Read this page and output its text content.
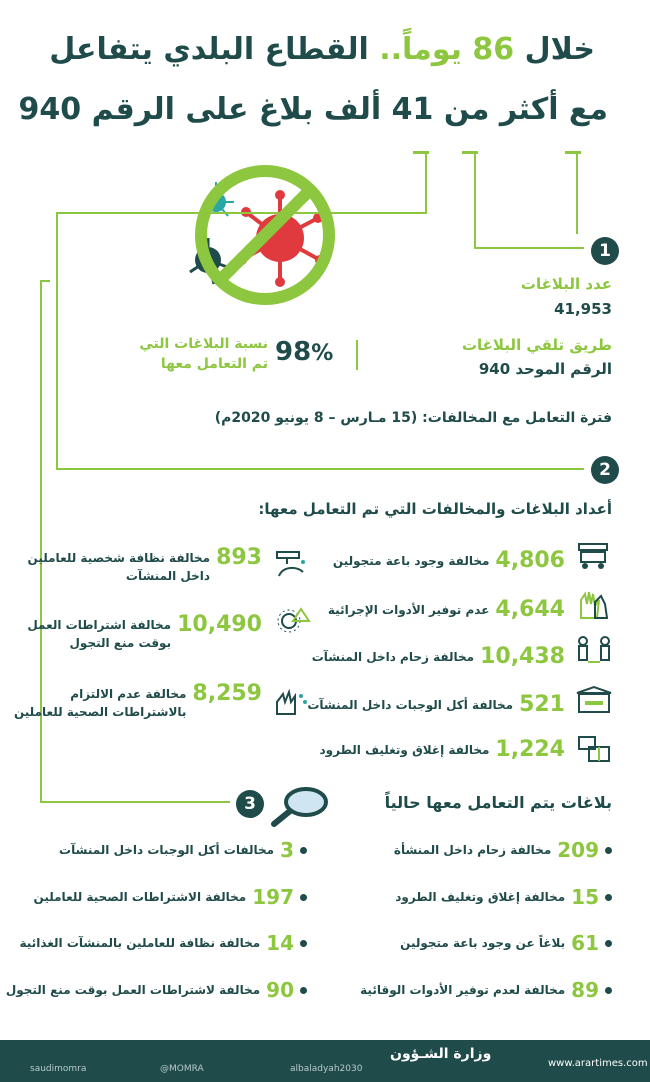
خلال 86 يوماً.. القطاع البلدي يتفاعل
مع أكثر من 41 ألف بلاغ على الرقم 940
1
عدد البلاغات
41,953
طريق تلقي البلاغات
الرقم الموحد 940
98%
نسبة البلاغات التي
تم التعامل معها
فترة التعامل مع المخالفات: (15 مـارس – 8 يونيو 2020م)
2
أعداد البلاغات والمخالفات التي تم التعامل معها:
4,806
مخالفة وجود باعة متجولين
4,644
عدم توفير الأدوات الإجرائية
10,438
مخالفة زحام داخل المنشآت
521
مخالفة أكل الوجبات داخل المنشآت
1,224
مخالفة إغلاق وتغليف الطرود
893
مخالفة نظافة شخصية للعاملين
داخل المنشآت
10,490
مخالفة اشتراطات العمل
بوقت منع التجول
8,259
مخالفة عدم الالتزام
بالاشتراطات الصحية للعاملين
3	بلاغات يتم التعامل معها حالياً
209
مخالفة زحام داخل المنشأة
15
مخالفة إغلاق وتغليف الطرود
61
بلاغاً عن وجود باعة متجولين
89
مخالفة لعدم توفير الأدوات الوقائية
3
مخالفات أكل الوجبات داخل المنشآت
197
مخالفة الاشتراطات الصحية للعاملين
14
مخالفة نظافة للعاملين بالمنشآت الغذائية
90
مخالفة لاشتراطات العمل بوقت منع التجول
وزارة الشـؤون
saudimomra	@MOMRA	albaladyah2030	www.arartimes.com
